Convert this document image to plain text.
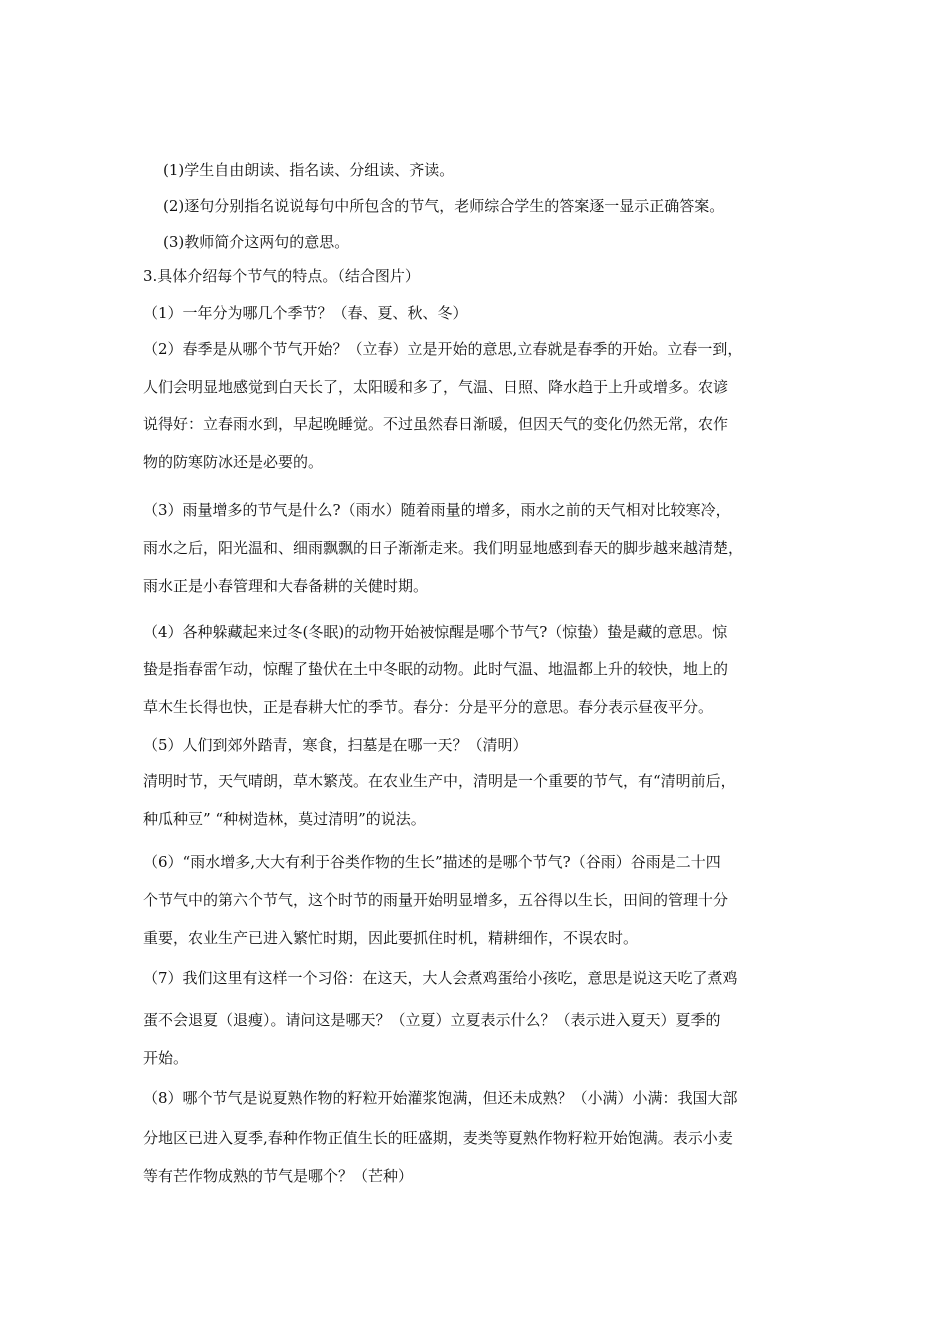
(1)学生自由朗读、指名读、分组读、齐读。
(2)逐句分别指名说说每句中所包含的节气，老师综合学生的答案逐一显示正确答案。
(3)教师简介这两句的意思。
3.具体介绍每个节气的特点。（结合图片）
（1）一年分为哪几个季节？（春、夏、秋、冬）
（2）春季是从哪个节气开始？（立春）立是开始的意思,立春就是春季的开始。立春一到，
人们会明显地感觉到白天长了，太阳暖和多了，气温、日照、降水趋于上升或增多。农谚
说得好：立春雨水到，早起晚睡觉。不过虽然春日渐暖，但因天气的变化仍然无常，农作
物的防寒防冰还是必要的。
（3）雨量增多的节气是什么?（雨水）随着雨量的增多，雨水之前的天气相对比较寒冷，
雨水之后，阳光温和、细雨飘飘的日子渐渐走来。我们明显地感到春天的脚步越来越清楚，
雨水正是小春管理和大春备耕的关健时期。
（4）各种躲藏起来过冬(冬眠)的动物开始被惊醒是哪个节气?（惊蛰）蛰是藏的意思。惊
蛰是指春雷乍动，惊醒了蛰伏在土中冬眠的动物。此时气温、地温都上升的较快，地上的
草木生长得也快，正是春耕大忙的季节。春分：分是平分的意思。春分表示昼夜平分。
（5）人们到郊外踏青，寒食，扫墓是在哪一天？（清明）
清明时节，天气晴朗，草木繁茂。在农业生产中，清明是一个重要的节气，有“清明前后，
种瓜种豆” “种树造林，莫过清明”的说法。
（6）“雨水增多,大大有利于谷类作物的生长”描述的是哪个节气?（谷雨）谷雨是二十四
个节气中的第六个节气，这个时节的雨量开始明显增多，五谷得以生长，田间的管理十分
重要，农业生产已进入繁忙时期，因此要抓住时机，精耕细作，不误农时。
（7）我们这里有这样一个习俗：在这天，大人会煮鸡蛋给小孩吃，意思是说这天吃了煮鸡
蛋不会退夏（退瘦）。请问这是哪天？（立夏）立夏表示什么？（表示进入夏天）夏季的
开始。
（8）哪个节气是说夏熟作物的籽粒开始灌浆饱满，但还未成熟？（小满）小满：我国大部
分地区已进入夏季,春种作物正值生长的旺盛期，麦类等夏熟作物籽粒开始饱满。表示小麦
等有芒作物成熟的节气是哪个？（芒种）
